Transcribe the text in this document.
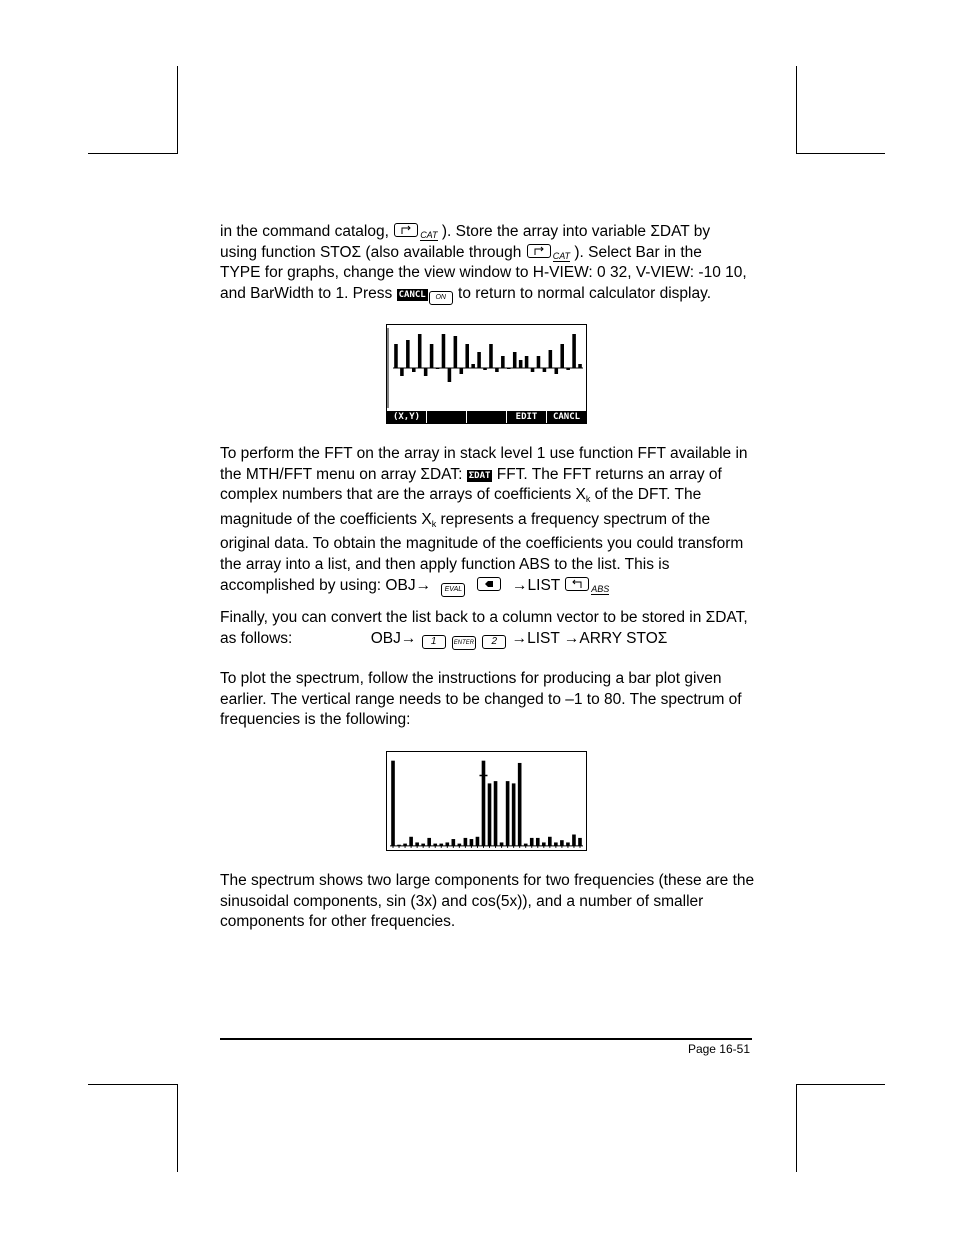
in the command catalog,	CAT ). Store the array into variable ΣDAT by
using function STOΣ (also available through	CAT ). Select Bar in the
TYPE for graphs, change the view window to H-VIEW: 0 32, V-VIEW: -10 10,
and BarWidth to 1. Press CANCL ON to return to normal calculator display.
(X,Y)	EDIT	CANCL
To perform the FFT on the array in stack level 1 use function FFT available in
the MTH/FFT menu on array ΣDAT: ΣDAT FFT. The FFT returns an array of
complex numbers that are the arrays of coefficients $X_k$ of the DFT. The
magnitude of the coefficients $X_k$ represents a frequency spectrum of the
original data. To obtain the magnitude of the coefficients you could transform
the array into a list, and then apply function ABS to the list. This is
accomplished by using: OBJ→ EVAL	→LIST	ABS
Finally, you can convert the list back to a column vector to be stored in ΣDAT,
as follows:	OBJ→ 1	ENTER 2 →LIST →ARRY STOΣ
To plot the spectrum, follow the instructions for producing a bar plot given
earlier. The vertical range needs to be changed to –1 to 80. The spectrum of
frequencies is the following:
The spectrum shows two large components for two frequencies (these are the
sinusoidal components, sin (3x) and cos(5x)), and a number of smaller
components for other frequencies.
Page 16-51
